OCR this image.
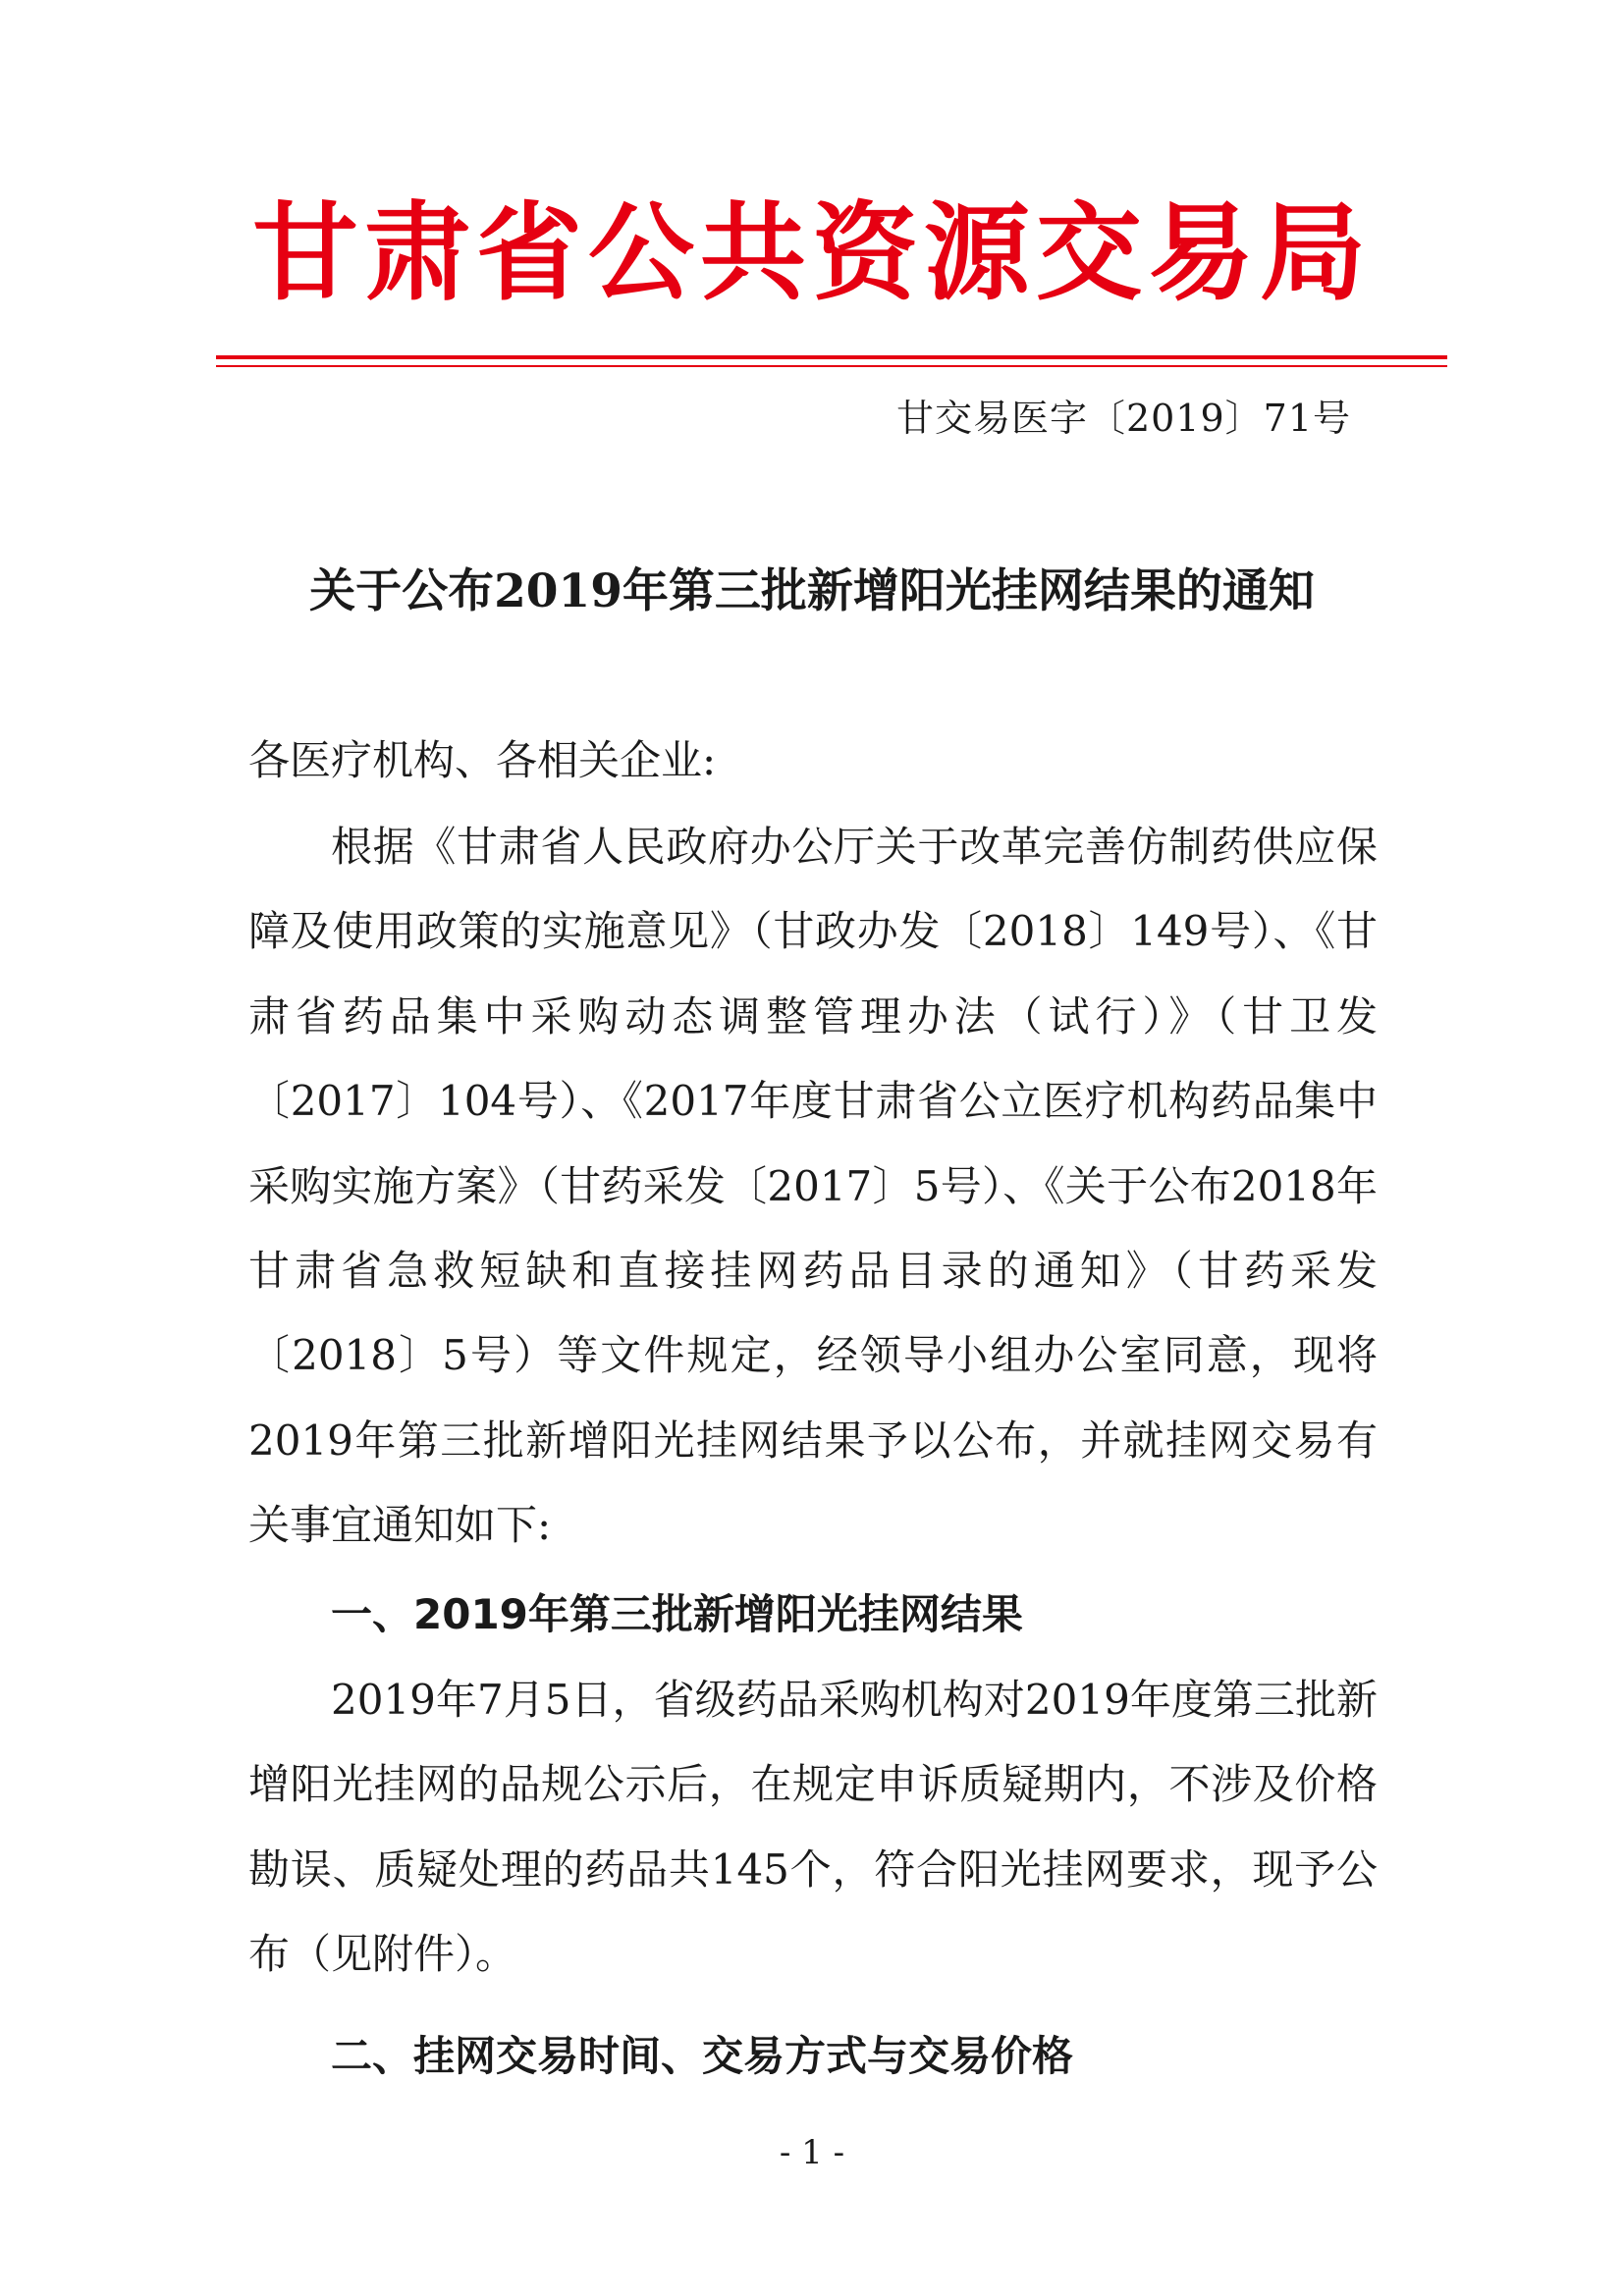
甘肃省公共资源交易局
甘交易医字〔2019〕71号
关于公布2019年第三批新增阳光挂网结果的通知
各医疗机构、各相关企业:

根据《甘肃省人民政府办公厅关于改革完善仿制药供应保障及使用政策的实施意见》（甘政办发〔2018〕149号）、《甘肃省药品集中采购动态调整管理办法（试行）》（甘卫发〔2017〕104号）、《2017年度甘肃省公立医疗机构药品集中采购实施方案》（甘药采发〔2017〕5号）、《关于公布2018年甘肃省急救短缺和直接挂网药品目录的通知》（甘药采发〔2018〕5号）等文件规定，经领导小组办公室同意，现将2019年第三批新增阳光挂网结果予以公布，并就挂网交易有关事宜通知如下:

一、2019年第三批新增阳光挂网结果

2019年7月5日，省级药品采购机构对2019年度第三批新增阳光挂网的品规公示后，在规定申诉质疑期内，不涉及价格勘误、质疑处理的药品共145个，符合阳光挂网要求，现予公布（见附件）。

二、挂网交易时间、交易方式与交易价格
- 1 -
